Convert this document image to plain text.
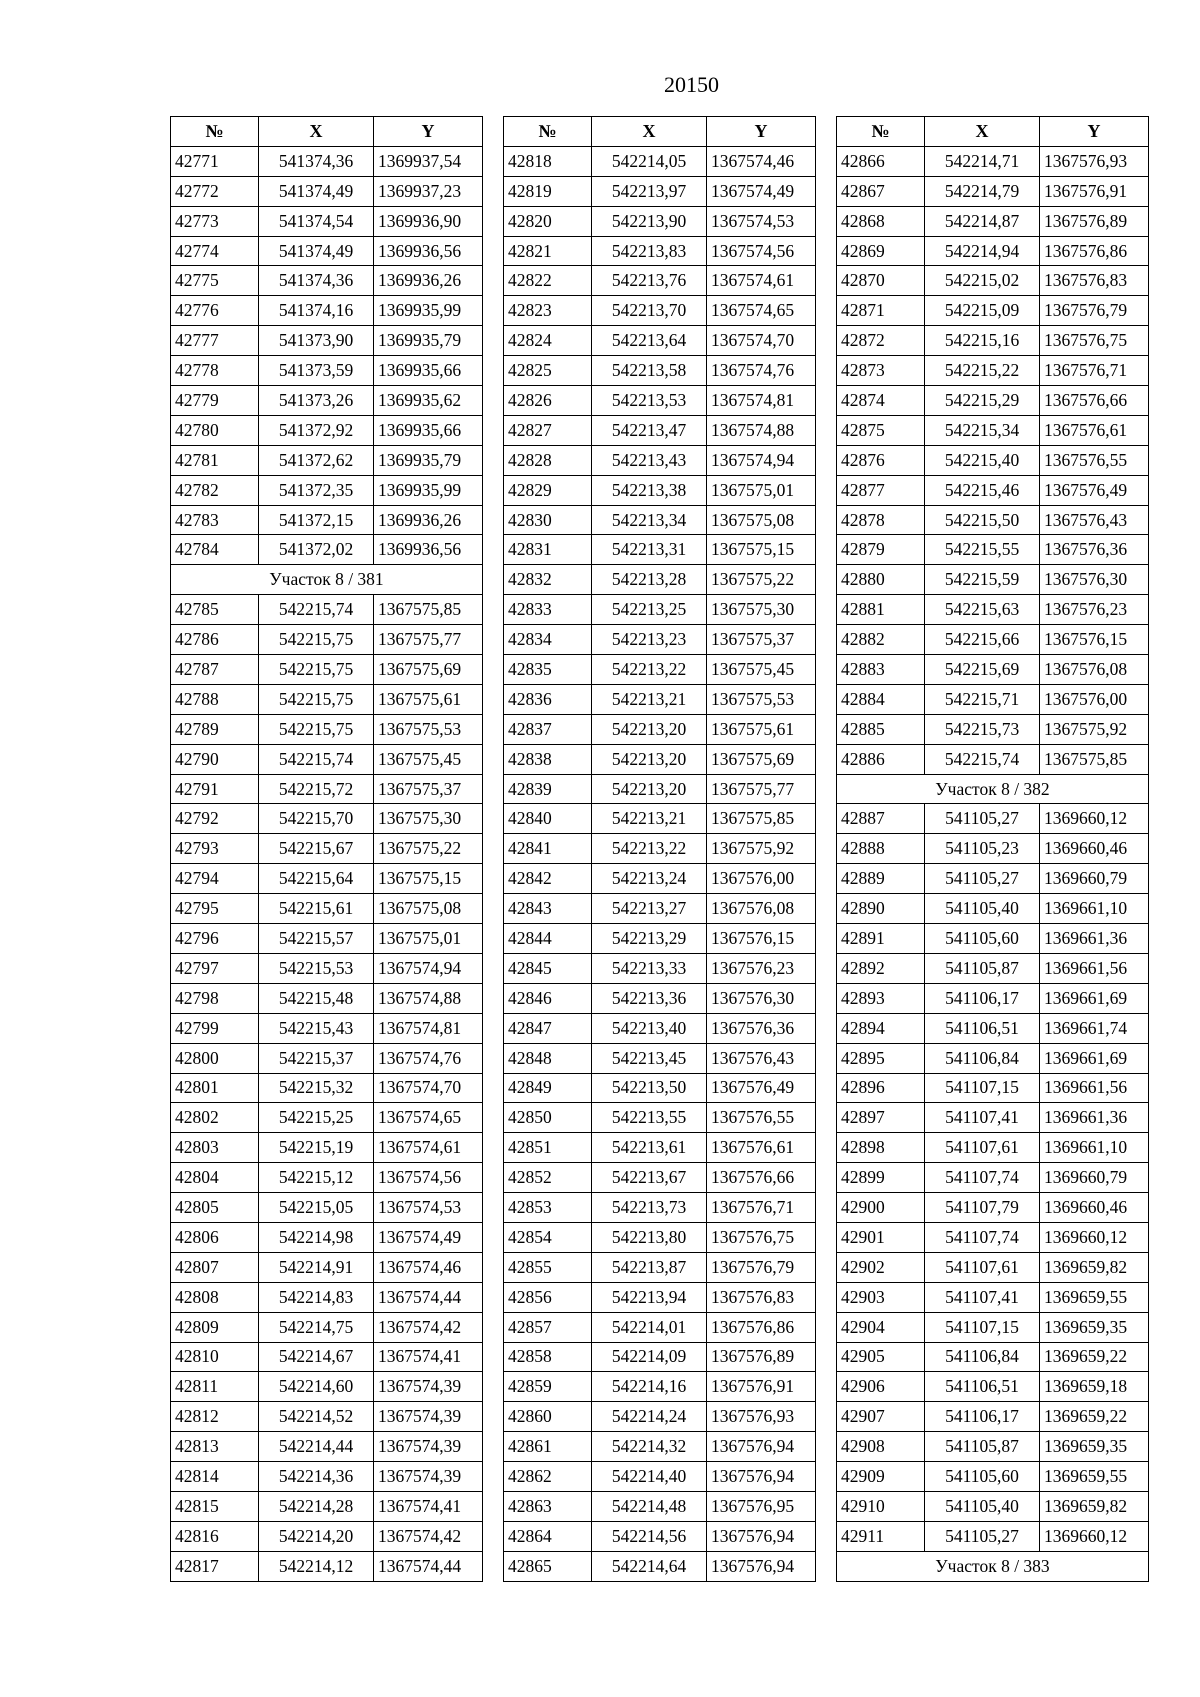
20150
№	X	Y
42771	541374,36	1369937,54
42772	541374,49	1369937,23
42773	541374,54	1369936,90
42774	541374,49	1369936,56
42775	541374,36	1369936,26
42776	541374,16	1369935,99
42777	541373,90	1369935,79
42778	541373,59	1369935,66
42779	541373,26	1369935,62
42780	541372,92	1369935,66
42781	541372,62	1369935,79
42782	541372,35	1369935,99
42783	541372,15	1369936,26
42784	541372,02	1369936,56
Участок 8 / 381		
42785	542215,74	1367575,85
42786	542215,75	1367575,77
42787	542215,75	1367575,69
42788	542215,75	1367575,61
42789	542215,75	1367575,53
42790	542215,74	1367575,45
42791	542215,72	1367575,37
42792	542215,70	1367575,30
42793	542215,67	1367575,22
42794	542215,64	1367575,15
42795	542215,61	1367575,08
42796	542215,57	1367575,01
42797	542215,53	1367574,94
42798	542215,48	1367574,88
42799	542215,43	1367574,81
42800	542215,37	1367574,76
42801	542215,32	1367574,70
42802	542215,25	1367574,65
42803	542215,19	1367574,61
42804	542215,12	1367574,56
42805	542215,05	1367574,53
42806	542214,98	1367574,49
42807	542214,91	1367574,46
42808	542214,83	1367574,44
42809	542214,75	1367574,42
42810	542214,67	1367574,41
42811	542214,60	1367574,39
42812	542214,52	1367574,39
42813	542214,44	1367574,39
42814	542214,36	1367574,39
42815	542214,28	1367574,41
42816	542214,20	1367574,42
42817	542214,12	1367574,44
№	X	Y
42818	542214,05	1367574,46
42819	542213,97	1367574,49
42820	542213,90	1367574,53
42821	542213,83	1367574,56
42822	542213,76	1367574,61
42823	542213,70	1367574,65
42824	542213,64	1367574,70
42825	542213,58	1367574,76
42826	542213,53	1367574,81
42827	542213,47	1367574,88
42828	542213,43	1367574,94
42829	542213,38	1367575,01
42830	542213,34	1367575,08
42831	542213,31	1367575,15
42832	542213,28	1367575,22
42833	542213,25	1367575,30
42834	542213,23	1367575,37
42835	542213,22	1367575,45
42836	542213,21	1367575,53
42837	542213,20	1367575,61
42838	542213,20	1367575,69
42839	542213,20	1367575,77
42840	542213,21	1367575,85
42841	542213,22	1367575,92
42842	542213,24	1367576,00
42843	542213,27	1367576,08
42844	542213,29	1367576,15
42845	542213,33	1367576,23
42846	542213,36	1367576,30
42847	542213,40	1367576,36
42848	542213,45	1367576,43
42849	542213,50	1367576,49
42850	542213,55	1367576,55
42851	542213,61	1367576,61
42852	542213,67	1367576,66
42853	542213,73	1367576,71
42854	542213,80	1367576,75
42855	542213,87	1367576,79
42856	542213,94	1367576,83
42857	542214,01	1367576,86
42858	542214,09	1367576,89
42859	542214,16	1367576,91
42860	542214,24	1367576,93
42861	542214,32	1367576,94
42862	542214,40	1367576,94
42863	542214,48	1367576,95
42864	542214,56	1367576,94
42865	542214,64	1367576,94
№	X	Y
42866	542214,71	1367576,93
42867	542214,79	1367576,91
42868	542214,87	1367576,89
42869	542214,94	1367576,86
42870	542215,02	1367576,83
42871	542215,09	1367576,79
42872	542215,16	1367576,75
42873	542215,22	1367576,71
42874	542215,29	1367576,66
42875	542215,34	1367576,61
42876	542215,40	1367576,55
42877	542215,46	1367576,49
42878	542215,50	1367576,43
42879	542215,55	1367576,36
42880	542215,59	1367576,30
42881	542215,63	1367576,23
42882	542215,66	1367576,15
42883	542215,69	1367576,08
42884	542215,71	1367576,00
42885	542215,73	1367575,92
42886	542215,74	1367575,85
Участок 8 / 382		
42887	541105,27	1369660,12
42888	541105,23	1369660,46
42889	541105,27	1369660,79
42890	541105,40	1369661,10
42891	541105,60	1369661,36
42892	541105,87	1369661,56
42893	541106,17	1369661,69
42894	541106,51	1369661,74
42895	541106,84	1369661,69
42896	541107,15	1369661,56
42897	541107,41	1369661,36
42898	541107,61	1369661,10
42899	541107,74	1369660,79
42900	541107,79	1369660,46
42901	541107,74	1369660,12
42902	541107,61	1369659,82
42903	541107,41	1369659,55
42904	541107,15	1369659,35
42905	541106,84	1369659,22
42906	541106,51	1369659,18
42907	541106,17	1369659,22
42908	541105,87	1369659,35
42909	541105,60	1369659,55
42910	541105,40	1369659,82
42911	541105,27	1369660,12
Участок 8 / 383		
